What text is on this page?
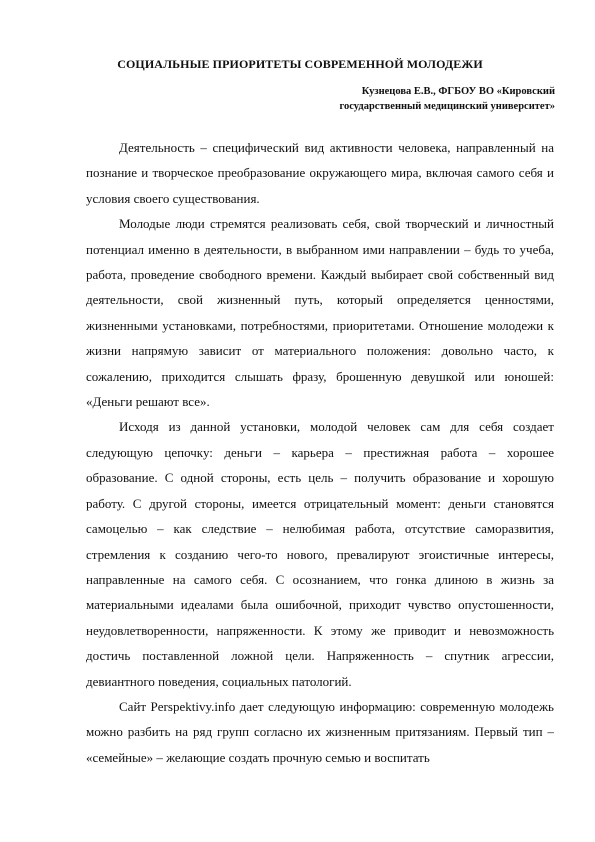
СОЦИАЛЬНЫЕ ПРИОРИТЕТЫ СОВРЕМЕННОЙ МОЛОДЕЖИ
Кузнецова Е.В., ФГБОУ ВО «Кировский
государственный медицинский университет»

Деятельность – специфический вид активности человека, направленный на познание и творческое преобразование окружающего мира, включая самого себя и условия своего существования.

Молодые люди стремятся реализовать себя, свой творческий и личностный потенциал именно в деятельности, в выбранном ими направлении – будь то учеба, работа, проведение свободного времени. Каждый выбирает свой собственный вид деятельности, свой жизненный путь, который определяется ценностями, жизненными установками, потребностями, приоритетами. Отношение молодежи к жизни напрямую зависит от материального положения: довольно часто, к сожалению, приходится слышать фразу, брошенную девушкой или юношей: «Деньги решают все».

Исходя из данной установки, молодой человек сам для себя создает следующую цепочку: деньги – карьера – престижная работа – хорошее образование. С одной стороны, есть цель – получить образование и хорошую работу. С другой стороны, имеется отрицательный момент: деньги становятся самоцелью – как следствие – нелюбимая работа, отсутствие саморазвития, стремления к созданию чего-то нового, превалируют эгоистичные интересы, направленные на самого себя. С осознанием, что гонка длиною в жизнь за материальными идеалами была ошибочной, приходит чувство опустошенности, неудовлетворенности, напряженности. К этому же приводит и невозможность достичь поставленной ложной цели. Напряженность – спутник агрессии, девиантного поведения, социальных патологий.

Сайт Perspektivy.info дает следующую информацию: современную молодежь можно разбить на ряд групп согласно их жизненным притязаниям. Первый тип – «семейные» – желающие создать прочную семью и воспитать
